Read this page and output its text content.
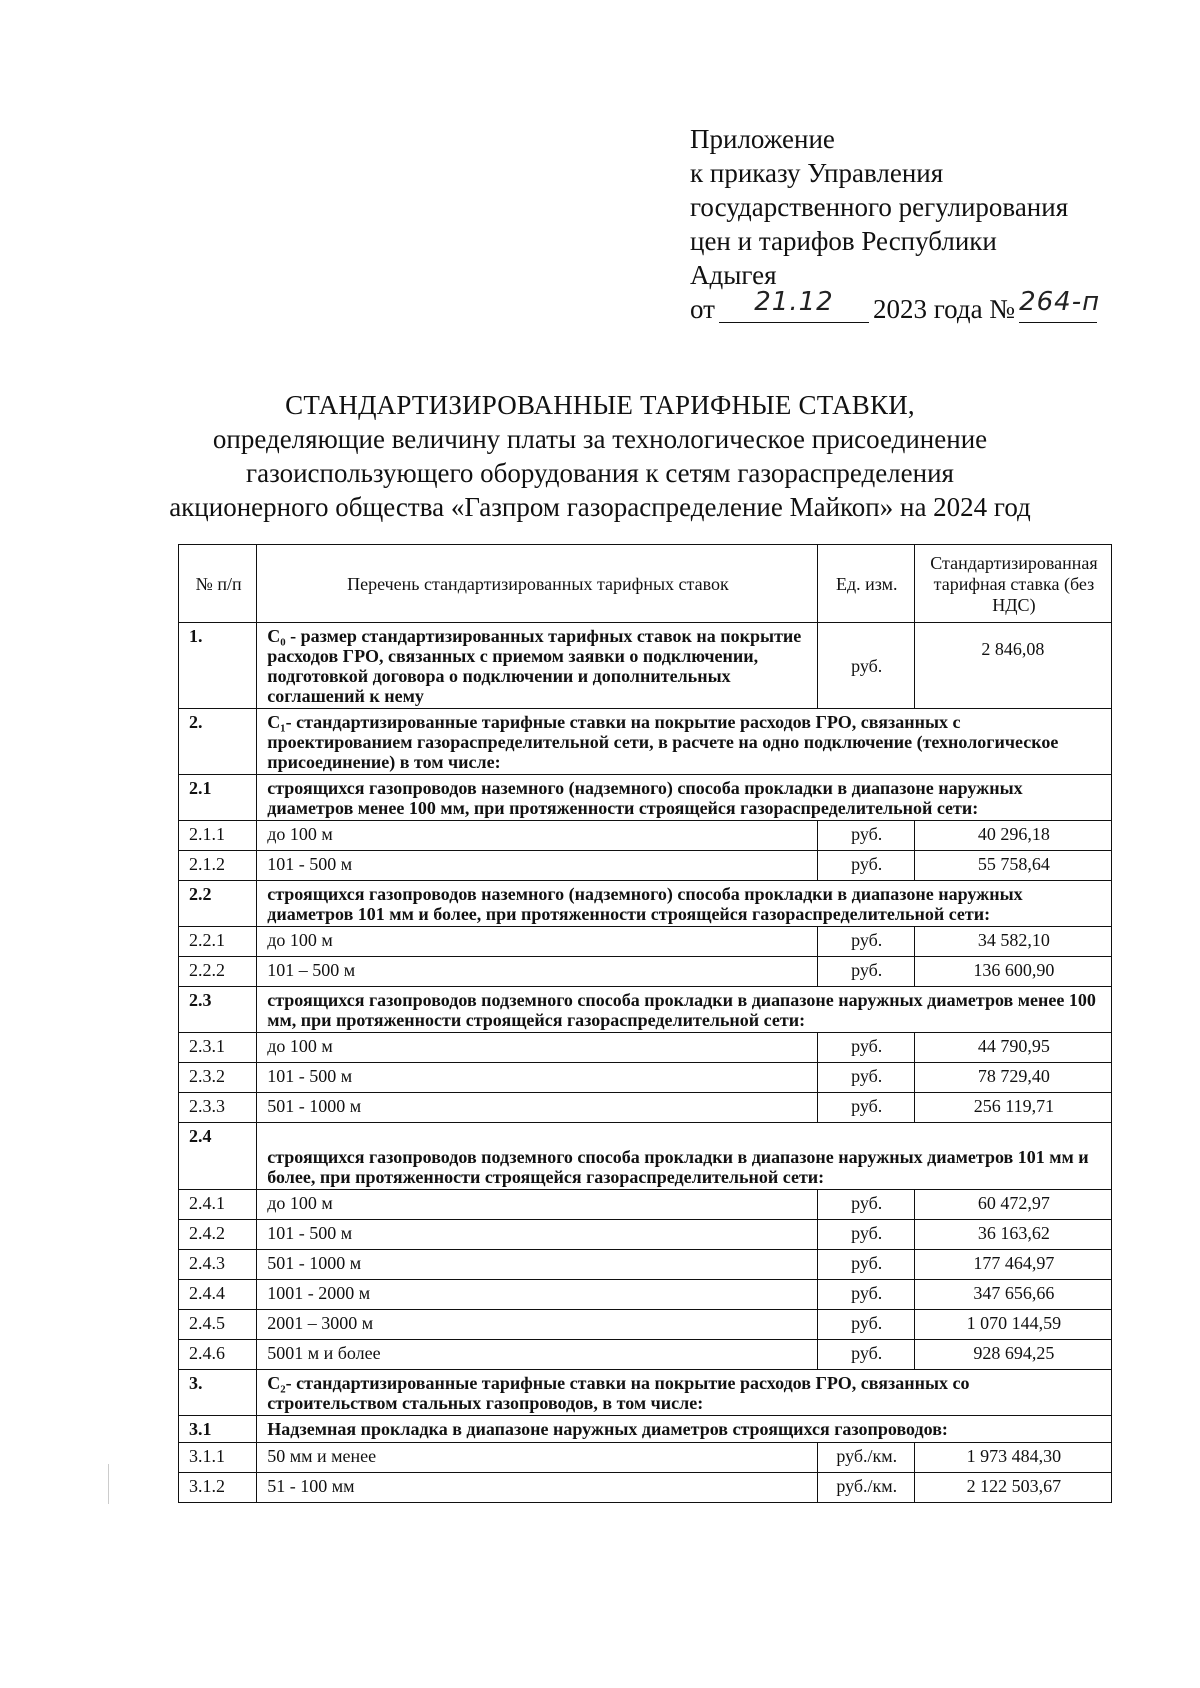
Приложение
к приказу Управления
государственного регулирования
цен и тарифов Республики
Адыгея
от	21.12	2023 года № 264-п
СТАНДАРТИЗИРОВАННЫЕ ТАРИФНЫЕ СТАВКИ,
определяющие величину платы за технологическое присоединение
газоиспользующего оборудования к сетям газораспределения
акционерного общества «Газпром газораспределение Майкоп» на 2024 год
№ п/п	Перечень стандартизированных тарифных ставок	Ед. изм.	Стандартизированная тарифная ставка (без НДС)
1.	С₀ - размер стандартизированных тарифных ставок на покрытие расходов ГРО, связанных с приемом заявки о подключении, подготовкой договора о подключении и дополнительных соглашений к нему	руб.	2 846,08
2.	С₁- стандартизированные тарифные ставки на покрытие расходов ГРО, связанных с проектированием газораспределительной сети, в расчете на одно подключение (технологическое присоединение) в том числе:		
2.1	строящихся газопроводов наземного (надземного) способа прокладки в диапазоне наружных диаметров менее 100 мм, при протяженности строящейся газораспределительной сети:		
2.1.1	до 100 м	руб.	40 296,18
2.1.2	101 - 500 м	руб.	55 758,64
2.2	строящихся газопроводов наземного (надземного) способа прокладки в диапазоне наружных диаметров 101 мм и более, при протяженности строящейся газораспределительной сети:		
2.2.1	до 100 м	руб.	34 582,10
2.2.2	101 – 500 м	руб.	136 600,90
2.3	строящихся газопроводов подземного способа прокладки в диапазоне наружных диаметров менее 100 мм, при протяженности строящейся газораспределительной сети:		
2.3.1	до 100 м	руб.	44 790,95
2.3.2	101 - 500 м	руб.	78 729,40
2.3.3	501 - 1000 м	руб.	256 119,71
2.4	строящихся газопроводов подземного способа прокладки в диапазоне наружных диаметров 101 мм и более, при протяженности строящейся газораспределительной сети:		
2.4.1	до 100 м	руб.	60 472,97
2.4.2	101 - 500 м	руб.	36 163,62
2.4.3	501 - 1000 м	руб.	177 464,97
2.4.4	1001 - 2000 м	руб.	347 656,66
2.4.5	2001 – 3000 м	руб.	1 070 144,59
2.4.6	5001 м и более	руб.	928 694,25
3.	С₂- стандартизированные тарифные ставки на покрытие расходов ГРО, связанных со строительством стальных газопроводов, в том числе:		
3.1	Надземная прокладка в диапазоне наружных диаметров строящихся газопроводов:		
3.1.1	50 мм и менее	руб./км.	1 973 484,30
3.1.2	51 - 100 мм	руб./км.	2 122 503,67
